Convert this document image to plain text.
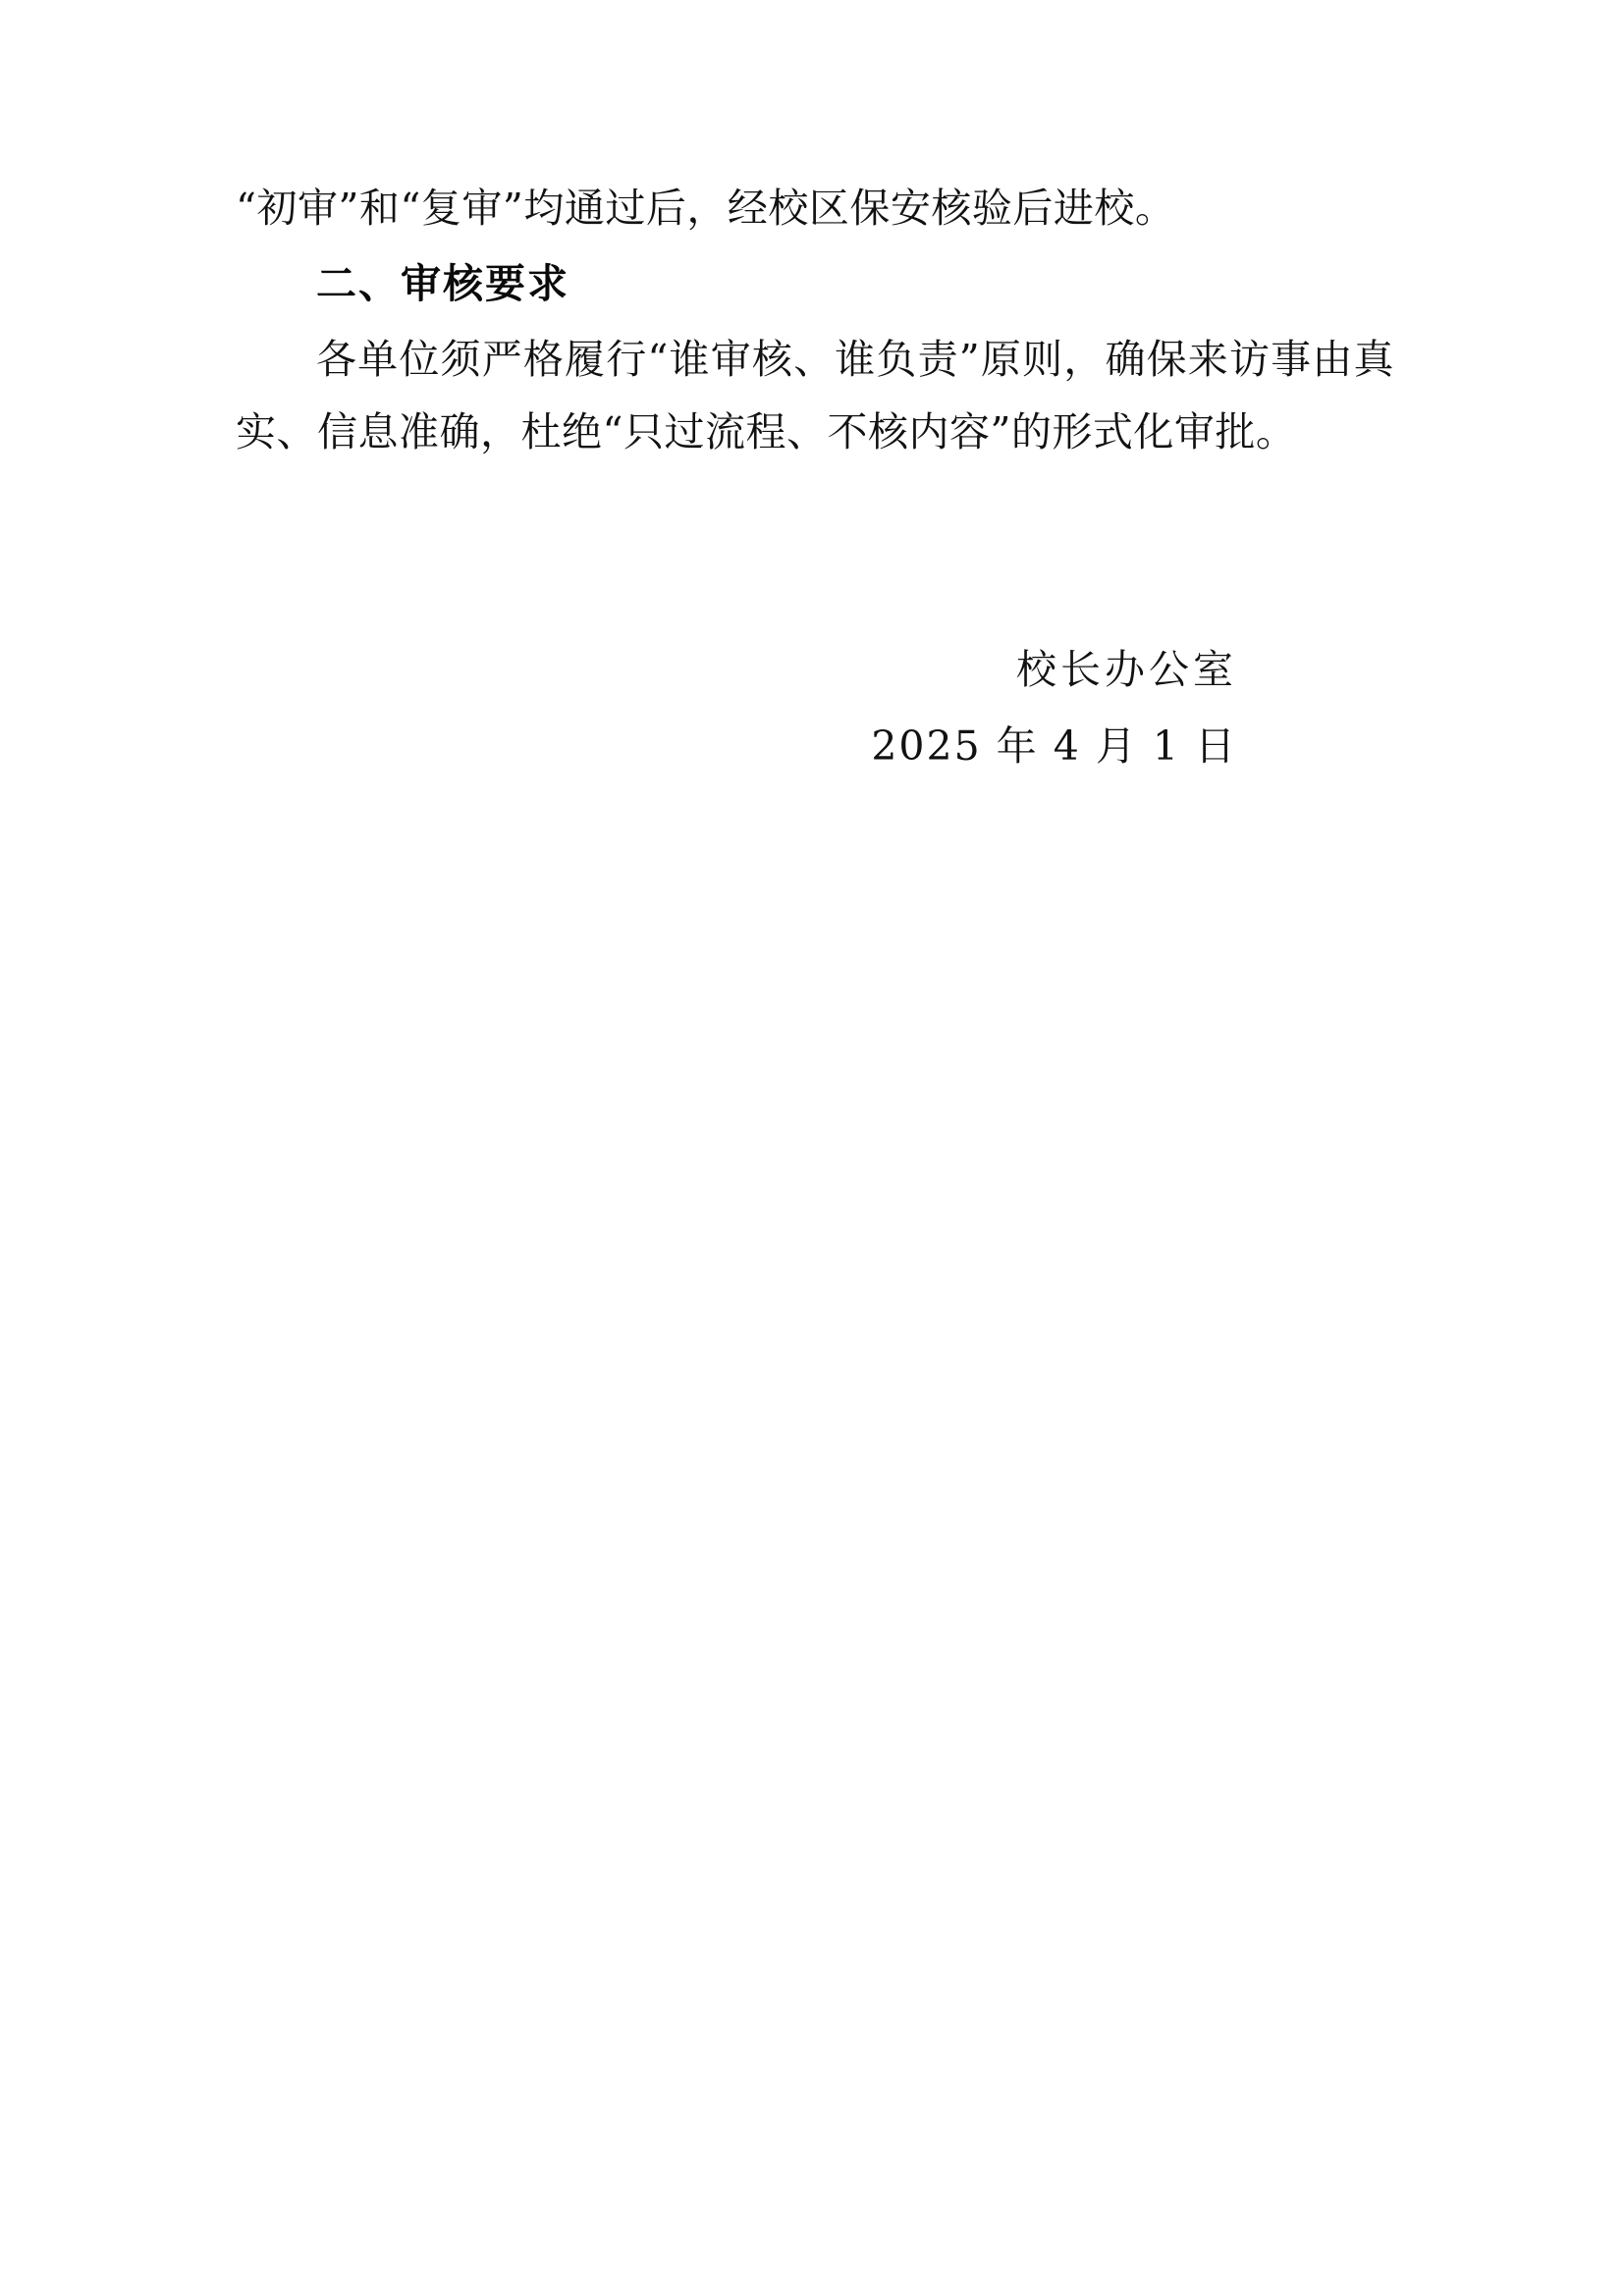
“初审”和“复审”均通过后，经校区保安核验后进校。

二、审核要求

各单位须严格履行“谁审核、谁负责”原则，确保来访事由真实、信息准确，杜绝“只过流程、不核内容”的形式化审批。

校长办公室
2025 年 4 月 1 日
